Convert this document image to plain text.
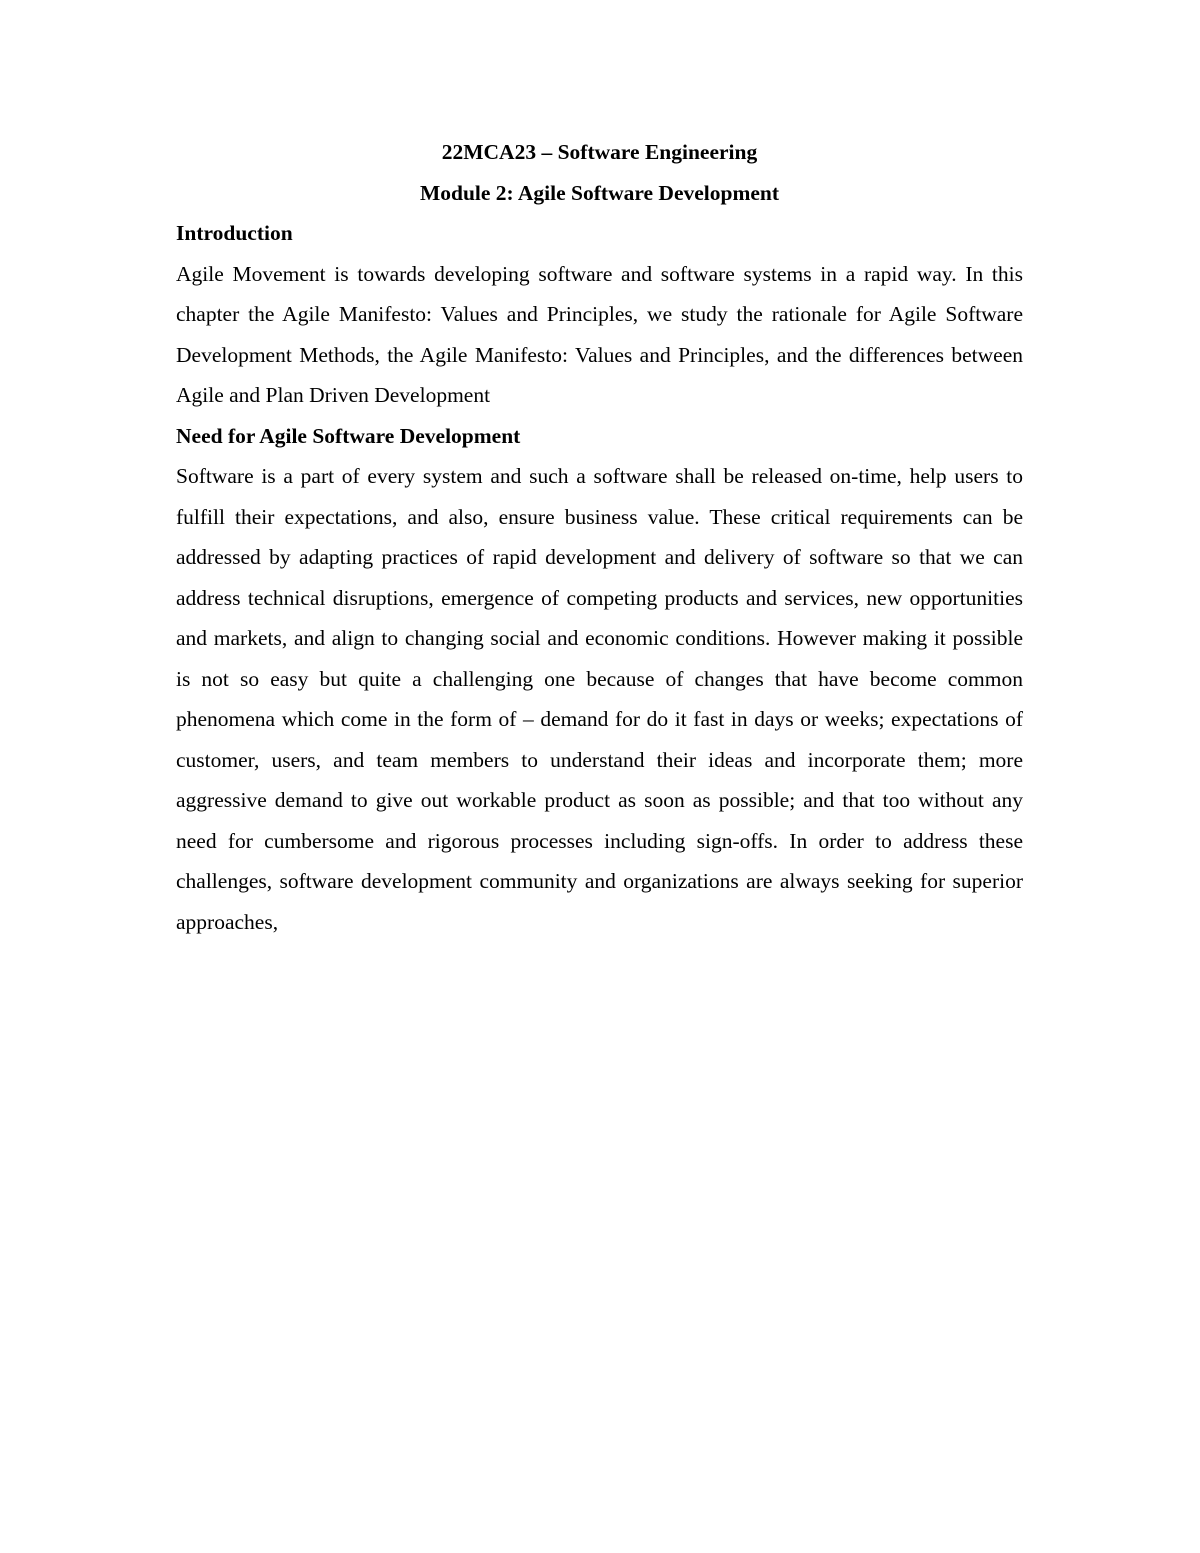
22MCA23 – Software Engineering

Module 2: Agile Software Development

Introduction

Agile Movement is towards developing software and software systems in a rapid way. In this chapter the Agile Manifesto: Values and Principles, we study the rationale for Agile Software Development Methods, the Agile Manifesto: Values and Principles, and the differences between Agile and Plan Driven Development

Need for Agile Software Development

Software is a part of every system and such a software shall be released on-time, help users to fulfill their expectations, and also, ensure business value. These critical requirements can be addressed by adapting practices of rapid development and delivery of software so that we can address technical disruptions, emergence of competing products and services, new opportunities and markets, and align to changing social and economic conditions. However making it possible is not so easy but quite a challenging one because of changes that have become common phenomena which come in the form of – demand for do it fast in days or weeks; expectations of customer, users, and team members to understand their ideas and incorporate them; more aggressive demand to give out workable product as soon as possible; and that too without any need for cumbersome and rigorous processes including sign-offs. In order to address these challenges, software development community and organizations are always seeking for superior approaches,
